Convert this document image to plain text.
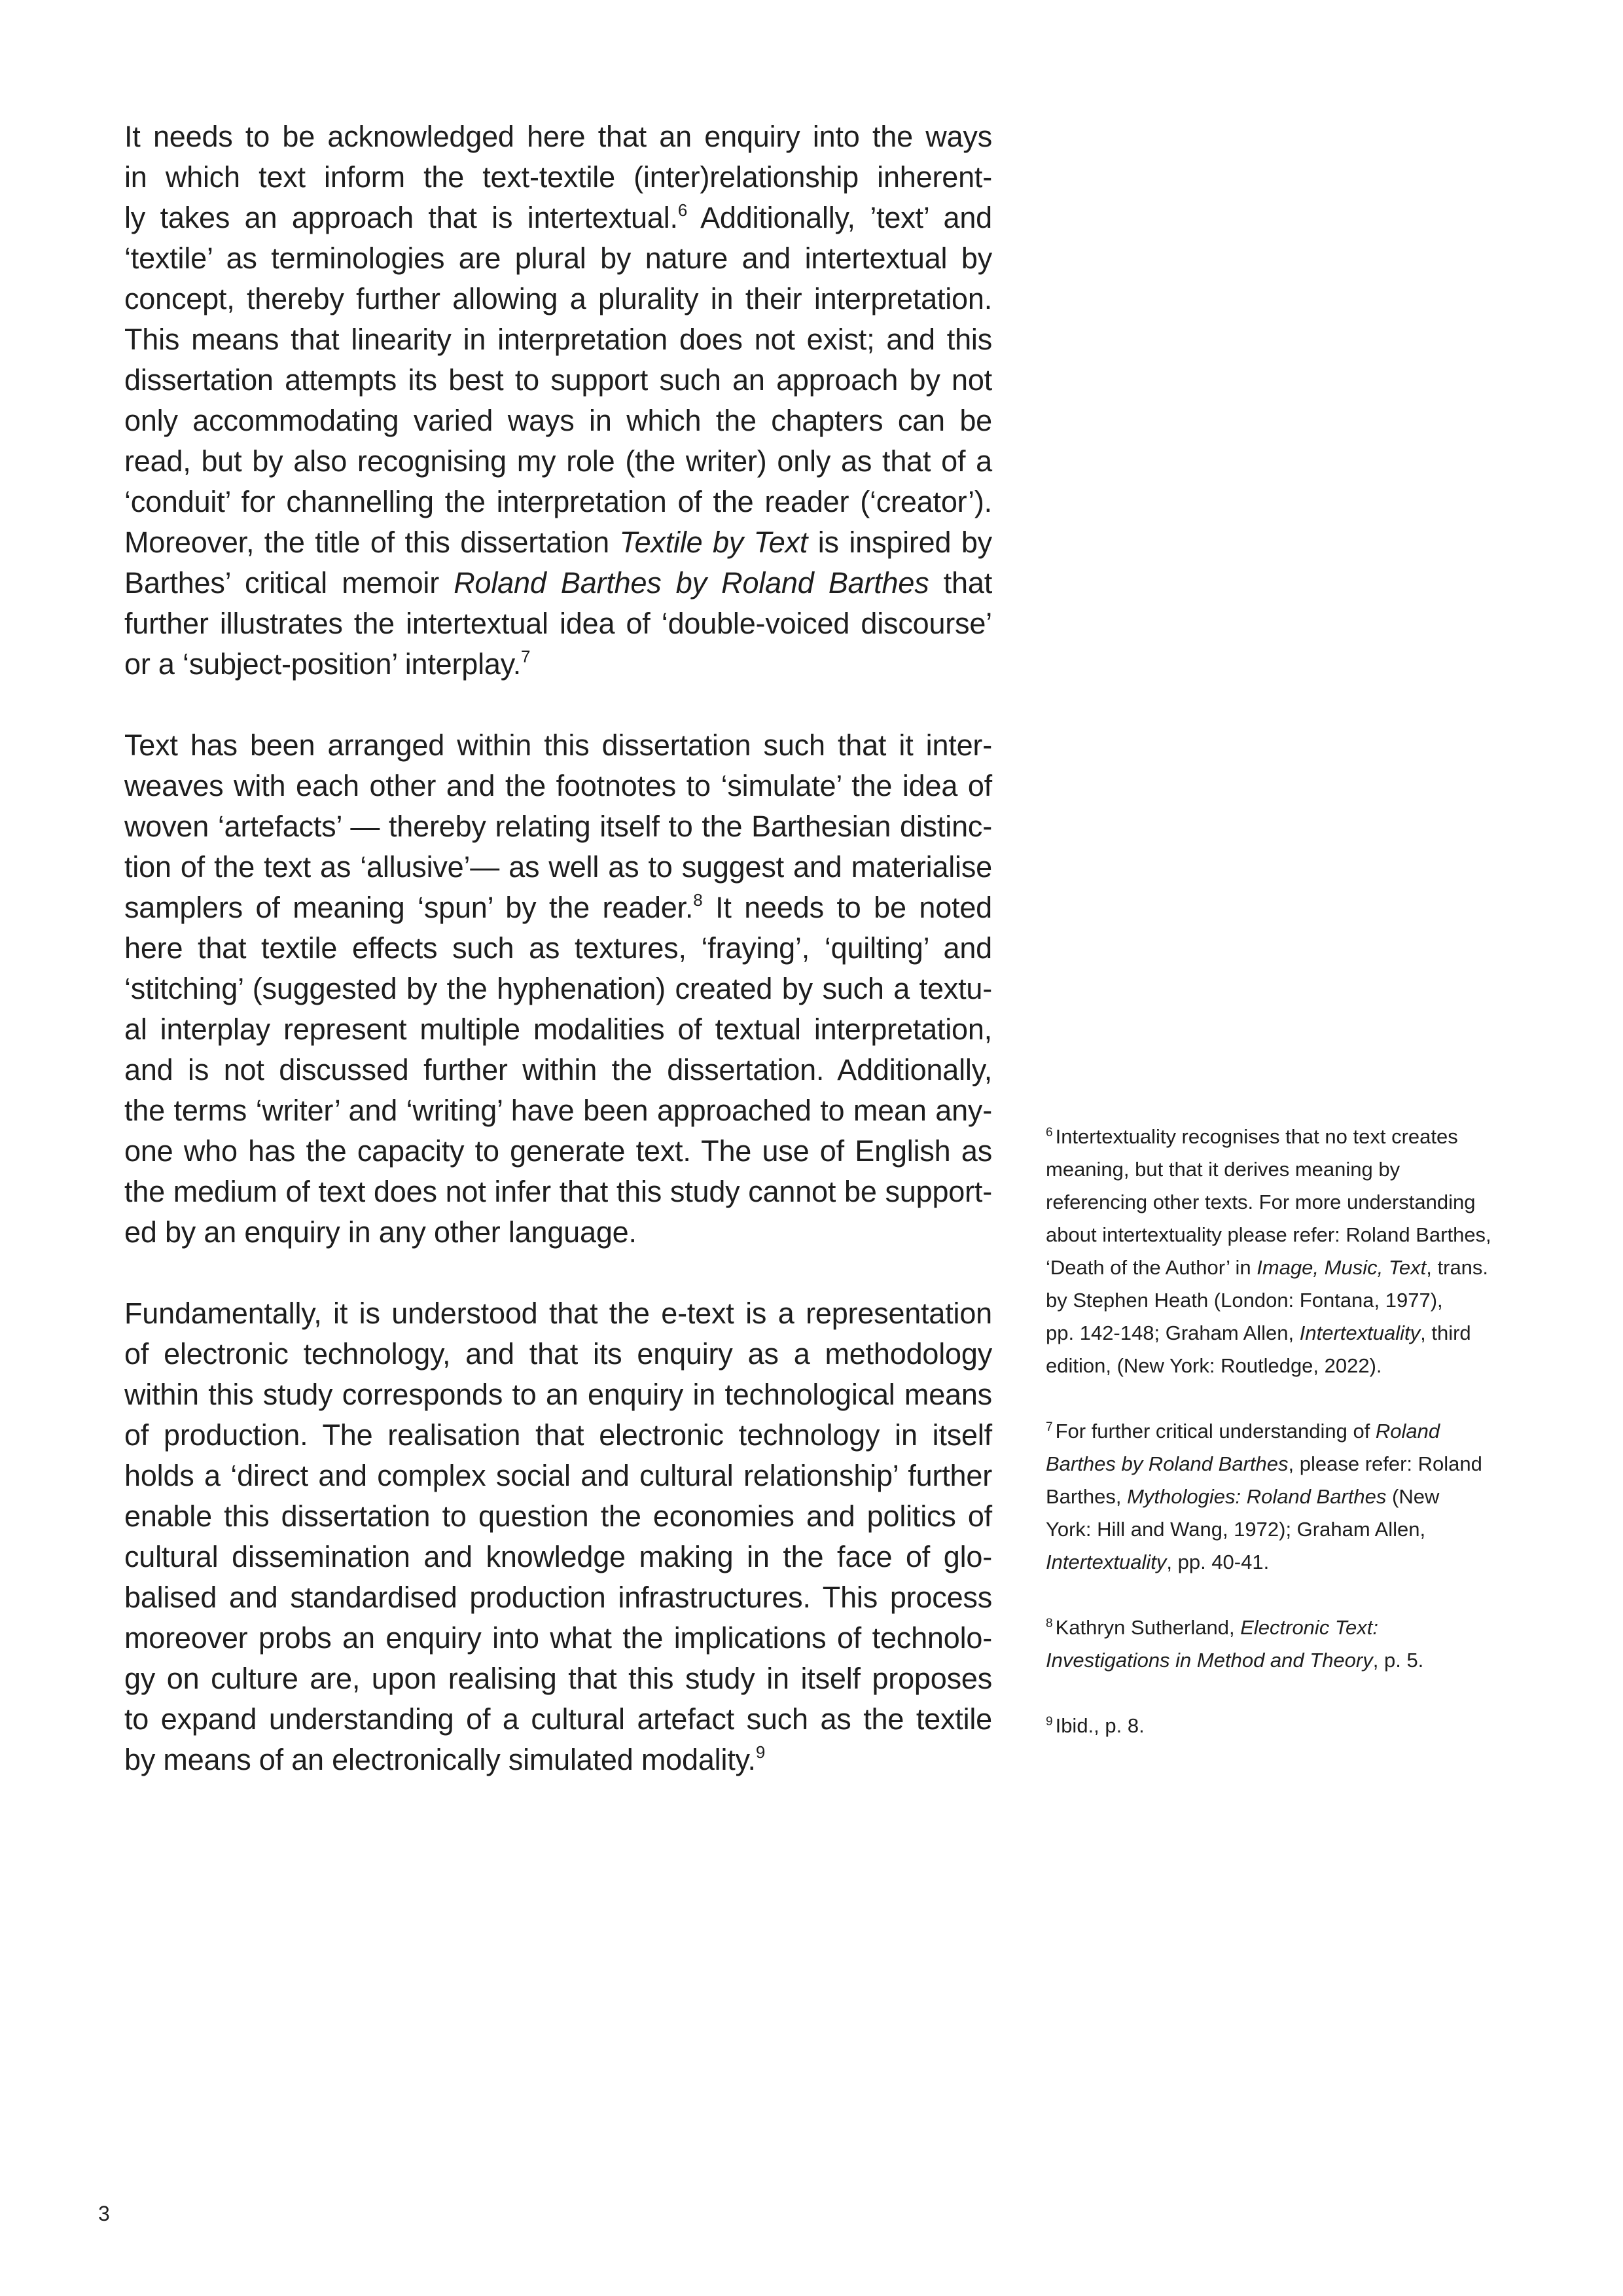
It needs to be acknowledged here that an enquiry into the ways
in which text inform the text-textile (inter)relationship inherent-
ly takes an approach that is intertextual.$^6$ Additionally, ’text’ and
‘textile’ as terminologies are plural by nature and intertextual by
concept, thereby further allowing a plurality in their interpretation.
This means that linearity in interpretation does not exist; and this
dissertation attempts its best to support such an approach by not
only accommodating varied ways in which the chapters can be
read, but by also recognising my role (the writer) only as that of a
‘conduit’ for channelling the interpretation of the reader (‘creator’).
Moreover, the title of this dissertation Textile by Text is inspired by
Barthes’ critical memoir Roland Barthes by Roland Barthes that
further illustrates the intertextual idea of ‘double-voiced discourse’
or a ‘subject-position’ interplay.$^7$
Text has been arranged within this dissertation such that it inter-
weaves with each other and the footnotes to ‘simulate’ the idea of
woven ‘artefacts’ — thereby relating itself to the Barthesian distinc-
tion of the text as ‘allusive’— as well as to suggest and materialise
samplers of meaning ‘spun’ by the reader.$^8$ It needs to be noted
here that textile effects such as textures, ‘fraying’, ‘quilting’ and
‘stitching’ (suggested by the hyphenation) created by such a textu-
al interplay represent multiple modalities of textual interpretation,
and is not discussed further within the dissertation. Additionally,
the terms ‘writer’ and ‘writing’ have been approached to mean any-
one who has the capacity to generate text. The use of English as
the medium of text does not infer that this study cannot be support-
ed by an enquiry in any other language.
Fundamentally, it is understood that the e-text is a representation
of electronic technology, and that its enquiry as a methodology
within this study corresponds to an enquiry in technological means
of production. The realisation that electronic technology in itself
holds a ‘direct and complex social and cultural relationship’ further
enable this dissertation to question the economies and politics of
cultural dissemination and knowledge making in the face of glo-
balised and standardised production infrastructures. This process
moreover probs an enquiry into what the implications of technolo-
gy on culture are, upon realising that this study in itself proposes
to expand understanding of a cultural artefact such as the textile
by means of an electronically simulated modality.$^9$
$^6$ Intertextuality recognises that no text creates
meaning, but that it derives meaning by
referencing other texts. For more understanding
about intertextuality please refer: Roland Barthes,
‘Death of the Author’ in Image, Music, Text, trans.
by Stephen Heath (London: Fontana, 1977),
pp. 142-148; Graham Allen, Intertextuality, third
edition, (New York: Routledge, 2022).
$^7$ For further critical understanding of Roland
Barthes by Roland Barthes, please refer: Roland
Barthes, Mythologies: Roland Barthes (New
York: Hill and Wang, 1972); Graham Allen,
Intertextuality, pp. 40-41.
$^8$ Kathryn Sutherland, Electronic Text:
Investigations in Method and Theory, p. 5.
$^9$ Ibid., p. 8.
3
